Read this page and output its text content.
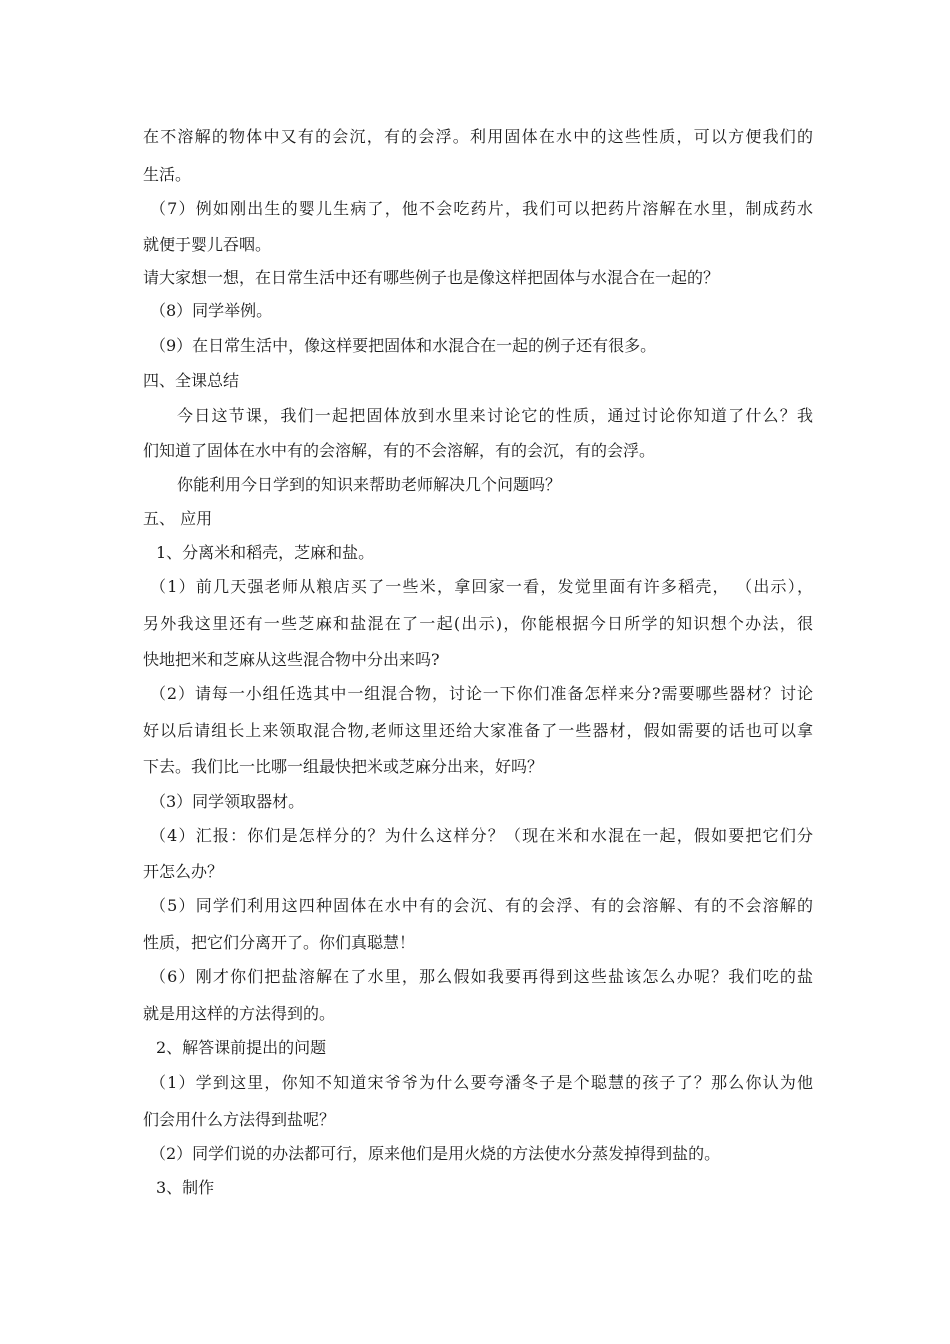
在不溶解的物体中又有的会沉，有的会浮。利用固体在水中的这些性质，可以方便我们的
生活。
（7）例如刚出生的婴儿生病了，他不会吃药片，我们可以把药片溶解在水里，制成药水
就便于婴儿吞咽。
请大家想一想，在日常生活中还有哪些例子也是像这样把固体与水混合在一起的？
（8）同学举例。
（9）在日常生活中，像这样要把固体和水混合在一起的例子还有很多。
四、全课总结
今日这节课，我们一起把固体放到水里来讨论它的性质，通过讨论你知道了什么？我
们知道了固体在水中有的会溶解，有的不会溶解，有的会沉，有的会浮。
你能利用今日学到的知识来帮助老师解决几个问题吗？
五、 应用
1、分离米和稻壳，芝麻和盐。
（1）前几天强老师从粮店买了一些米，拿回家一看，发觉里面有许多稻壳， （出示），
另外我这里还有一些芝麻和盐混在了一起(出示)，你能根据今日所学的知识想个办法，很
快地把米和芝麻从这些混合物中分出来吗?
（2）请每一小组任选其中一组混合物，讨论一下你们准备怎样来分?需要哪些器材？讨论
好以后请组长上来领取混合物,老师这里还给大家准备了一些器材，假如需要的话也可以拿
下去。我们比一比哪一组最快把米或芝麻分出来，好吗？
（3）同学领取器材。
（4）汇报：你们是怎样分的？为什么这样分？（现在米和水混在一起，假如要把它们分
开怎么办？
（5）同学们利用这四种固体在水中有的会沉、有的会浮、有的会溶解、有的不会溶解的
性质，把它们分离开了。你们真聪慧！
（6）刚才你们把盐溶解在了水里，那么假如我要再得到这些盐该怎么办呢？我们吃的盐
就是用这样的方法得到的。
2、解答课前提出的问题
（1）学到这里，你知不知道宋爷爷为什么要夸潘冬子是个聪慧的孩子了？那么你认为他
们会用什么方法得到盐呢？
（2）同学们说的办法都可行，原来他们是用火烧的方法使水分蒸发掉得到盐的。
3、制作
